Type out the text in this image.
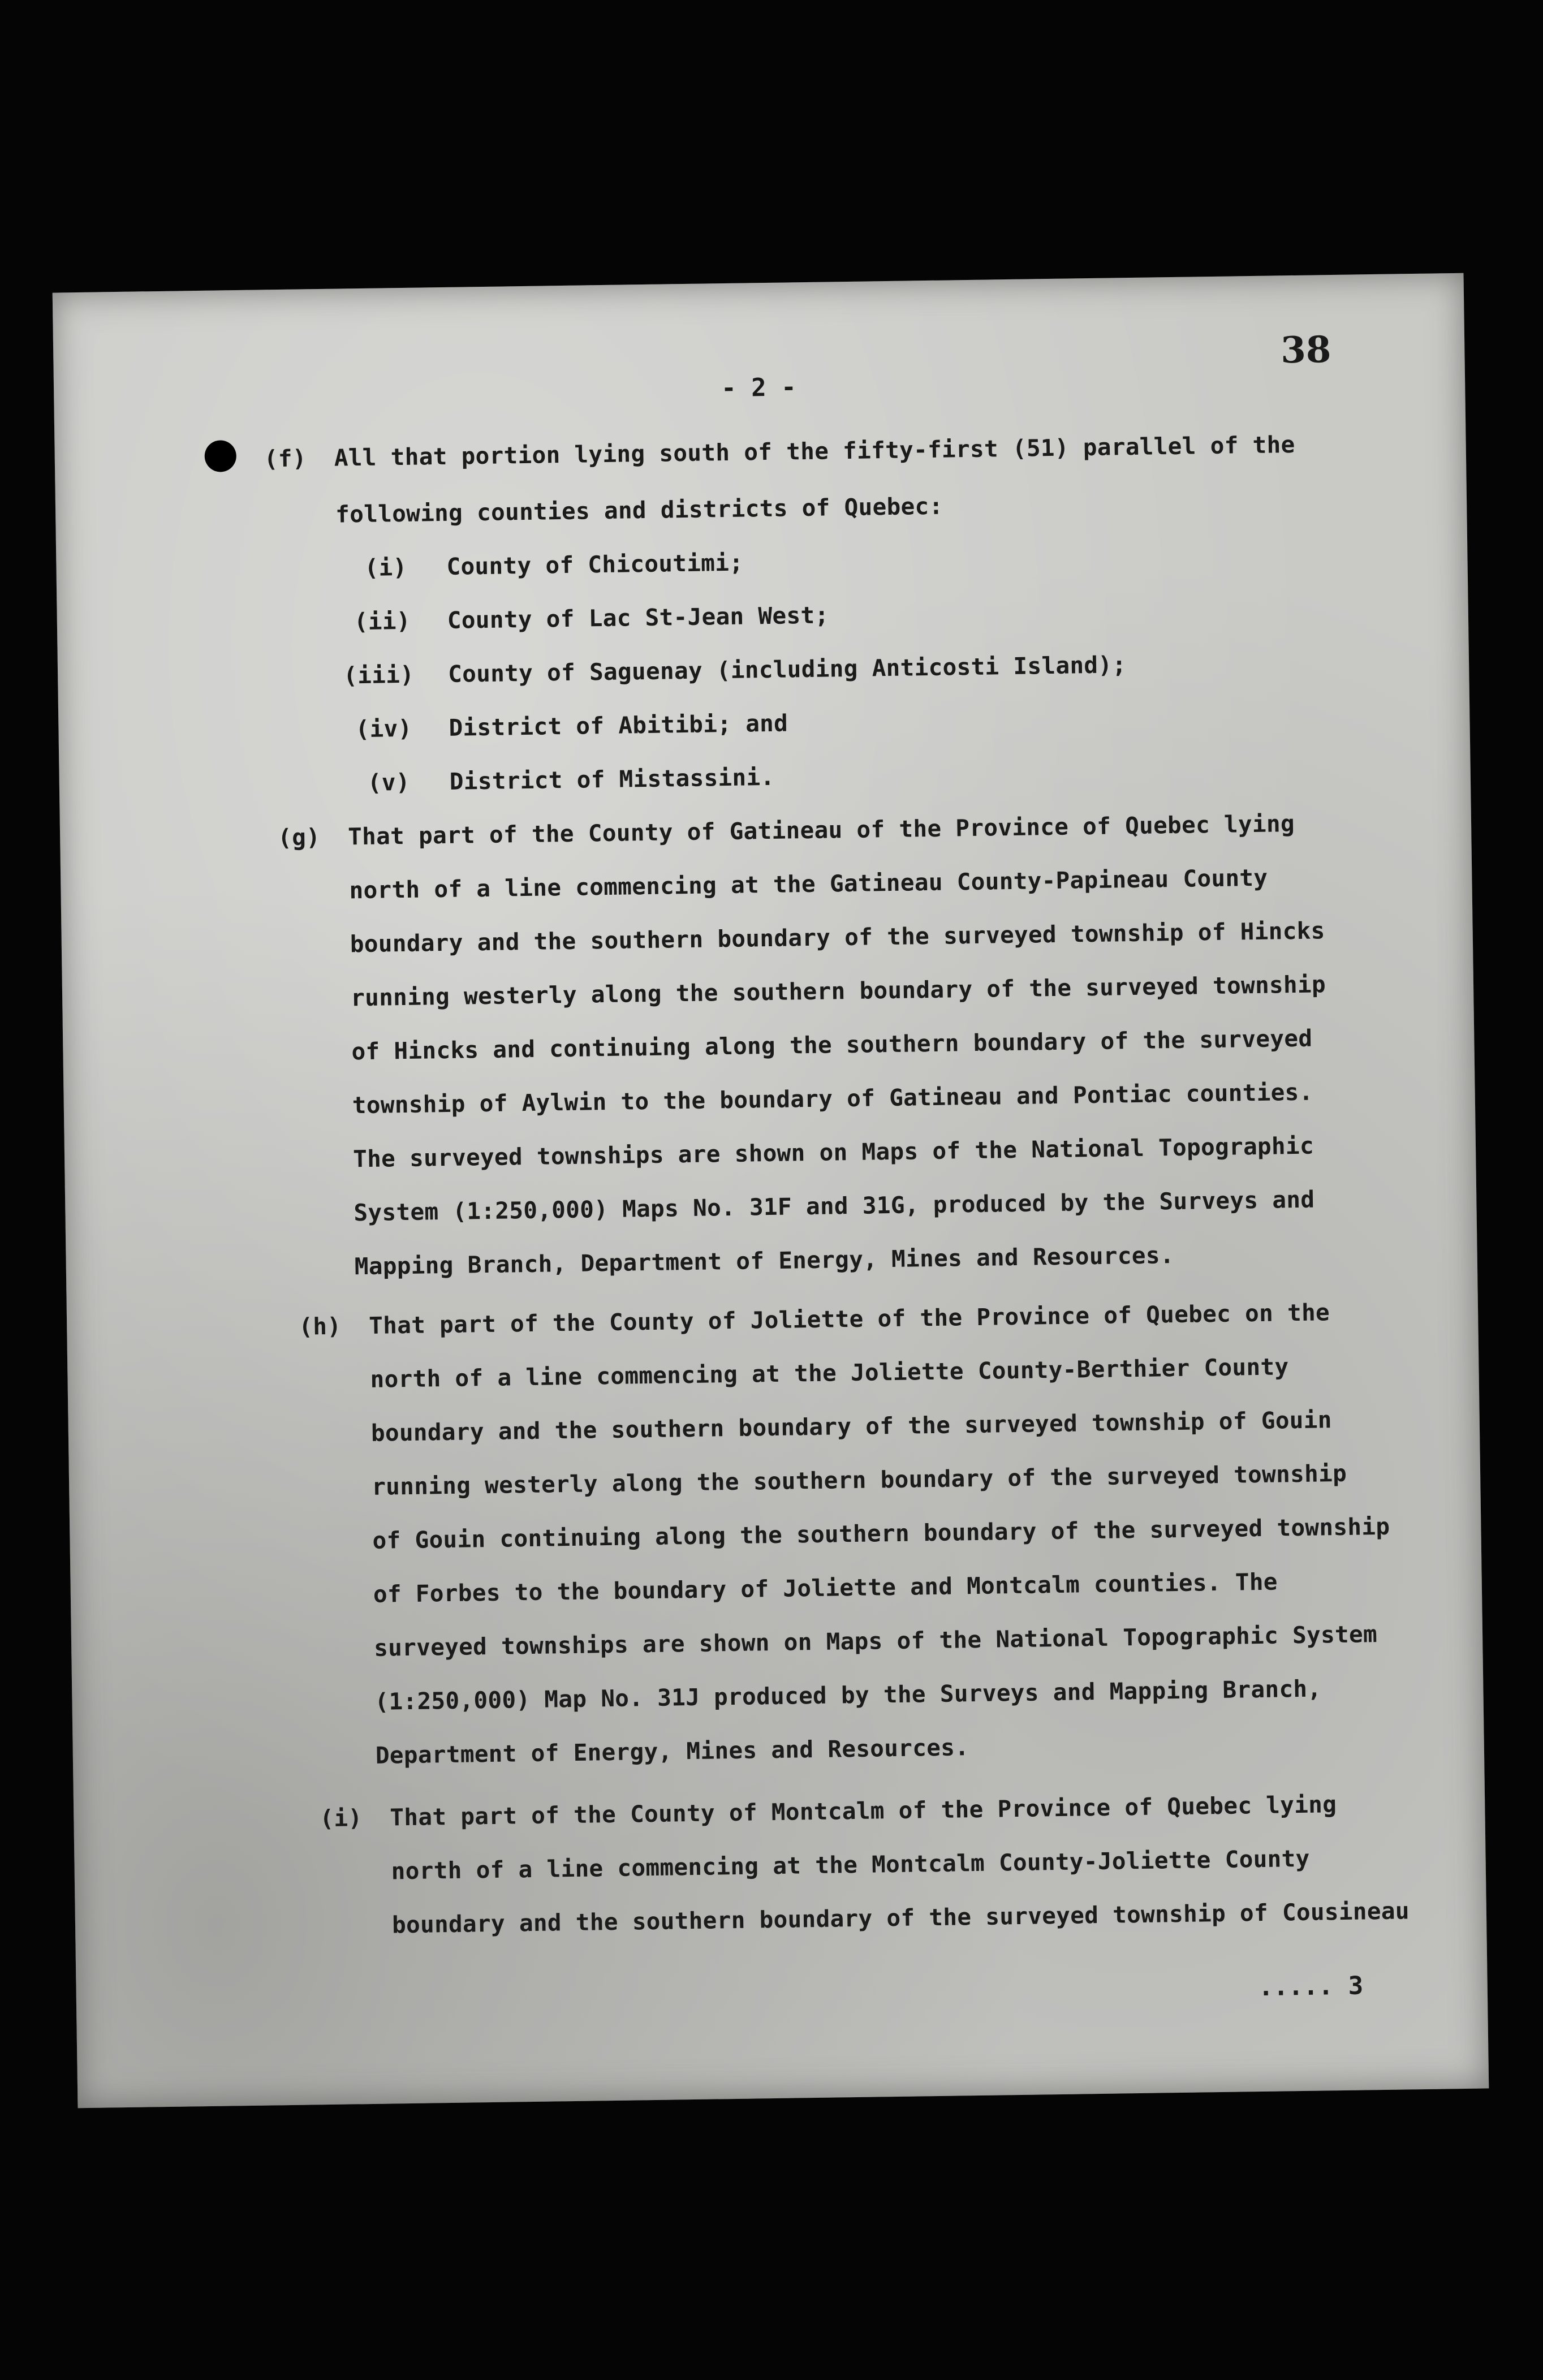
38
- 2 -
(f) All that portion lying south of the fifty-first (51) parallel of the
following counties and districts of Quebec:
(i) County of Chicoutimi;
(ii) County of Lac St-Jean West;
(iii) County of Saguenay (including Anticosti Island);
(iv) District of Abitibi; and
(v) District of Mistassini.
(g) That part of the County of Gatineau of the Province of Quebec lying
north of a line commencing at the Gatineau County-Papineau County
boundary and the southern boundary of the surveyed township of Hincks
running westerly along the southern boundary of the surveyed township
of Hincks and continuing along the southern boundary of the surveyed
township of Aylwin to the boundary of Gatineau and Pontiac counties.
The surveyed townships are shown on Maps of the National Topographic
System (1:250,000) Maps No. 31F and 31G, produced by the Surveys and
Mapping Branch, Department of Energy, Mines and Resources.
(h) That part of the County of Joliette of the Province of Quebec on the
north of a line commencing at the Joliette County-Berthier County
boundary and the southern boundary of the surveyed township of Gouin
running westerly along the southern boundary of the surveyed township
of Gouin continuing along the southern boundary of the surveyed township
of Forbes to the boundary of Joliette and Montcalm counties. The
surveyed townships are shown on Maps of the National Topographic System
(1:250,000) Map No. 31J produced by the Surveys and Mapping Branch,
Department of Energy, Mines and Resources.
(i) That part of the County of Montcalm of the Province of Quebec lying
north of a line commencing at the Montcalm County-Joliette County
boundary and the southern boundary of the surveyed township of Cousineau
..... 3
